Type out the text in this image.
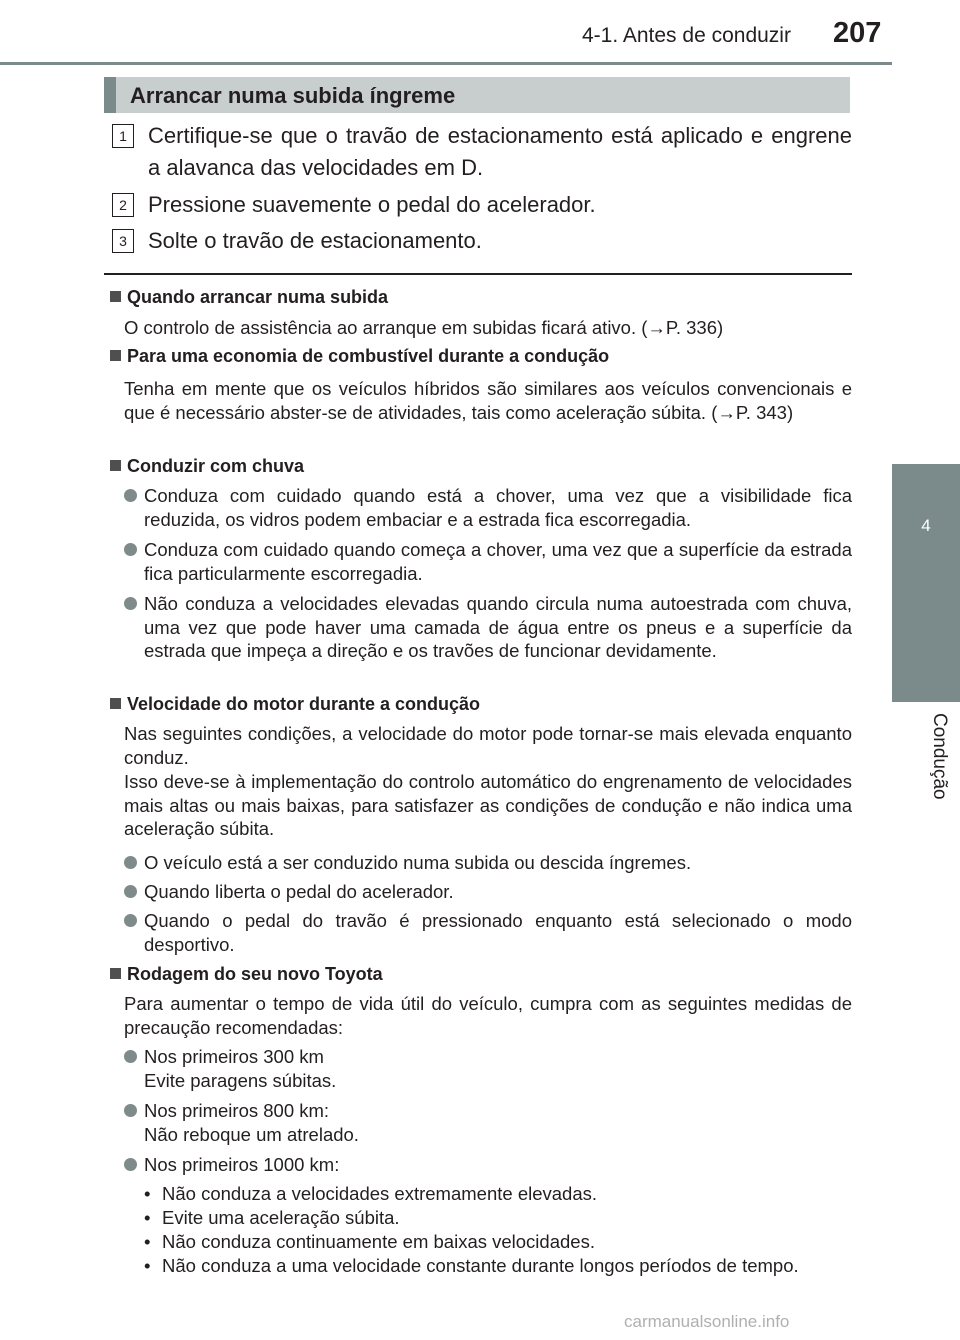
4-1. Antes de conduzir 207
4
Condução
Arrancar numa subida íngreme
1 Certifique-se que o travão de estacionamento está aplicado e engrene a alavanca das velocidades em D.
2 Pressione suavemente o pedal do acelerador.
3 Solte o travão de estacionamento.
Quando arrancar numa subida
O controlo de assistência ao arranque em subidas ficará ativo. (→P. 336)
Para uma economia de combustível durante a condução
Tenha em mente que os veículos híbridos são similares aos veículos convencionais e que é necessário abster-se de atividades, tais como aceleração súbita. (→P. 343)
Conduzir com chuva
Conduza com cuidado quando está a chover, uma vez que a visibilidade fica reduzida, os vidros podem embaciar e a estrada fica escorregadia.
Conduza com cuidado quando começa a chover, uma vez que a superfície da estrada fica particularmente escorregadia.
Não conduza a velocidades elevadas quando circula numa autoestrada com chuva, uma vez que pode haver uma camada de água entre os pneus e a superfície da estrada que impeça a direção e os travões de funcionar devidamente.
Velocidade do motor durante a condução
Nas seguintes condições, a velocidade do motor pode tornar-se mais elevada enquanto conduz.
Isso deve-se à implementação do controlo automático do engrenamento de velocidades mais altas ou mais baixas, para satisfazer as condições de condução e não indica uma aceleração súbita.
O veículo está a ser conduzido numa subida ou descida íngremes.
Quando liberta o pedal do acelerador.
Quando o pedal do travão é pressionado enquanto está selecionado o modo desportivo.
Rodagem do seu novo Toyota
Para aumentar o tempo de vida útil do veículo, cumpra com as seguintes medidas de precaução recomendadas:
Nos primeiros 300 km
Evite paragens súbitas.
Nos primeiros 800 km:
Não reboque um atrelado.
Nos primeiros 1000 km:
• Não conduza a velocidades extremamente elevadas.
• Evite uma aceleração súbita.
• Não conduza continuamente em baixas velocidades.
• Não conduza a uma velocidade constante durante longos períodos de tempo.
carmanualsonline.info
